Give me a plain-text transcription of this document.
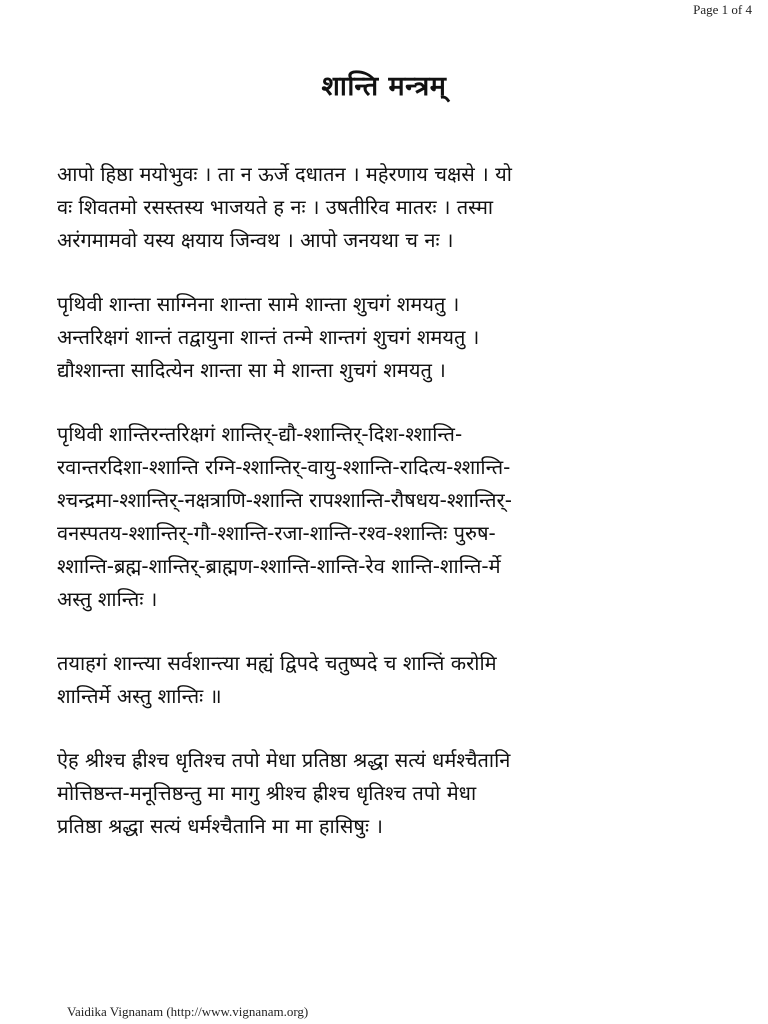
Page 1 of 4
शान्ति मन्त्रम्
आपो हिष्ठा मयोभुवः । ता न ऊर्जे दधातन । महेरणाय चक्षसे । यो
वः शिवतमो रसस्तस्य भाजयते ह नः । उषतीरिव मातरः । तस्मा
अरंगमामवो यस्य क्षयाय जिन्वथ । आपो जनयथा च नः ।
पृथिवी शान्ता साग्निना शान्ता सामे शान्ता शुचगं शमयतु ।
अन्तरिक्षगं शान्तं तद्वायुना शान्तं तन्मे शान्तगं शुचगं शमयतु ।
द्यौश्शान्ता सादित्येन शान्ता सा मे शान्ता शुचगं शमयतु ।
पृथिवी शान्तिरन्तरिक्षगं शान्तिर्-द्यौ-श्शान्तिर्-दिश-श्शान्ति-
रवान्तरदिशा-श्शान्ति रग्नि-श्शान्तिर्-वायु-श्शान्ति-रादित्य-श्शान्ति-
श्चन्द्रमा-श्शान्तिर्-नक्षत्राणि-श्शान्ति रापश्शान्ति-रौषधय-श्शान्तिर्-
वनस्पतय-श्शान्तिर्-गौ-श्शान्ति-रजा-शान्ति-रश्व-श्शान्तिः पुरुष-
श्शान्ति-ब्रह्म-शान्तिर्-ब्राह्मण-श्शान्ति-शान्ति-रेव शान्ति-शान्ति-र्मे
अस्तु शान्तिः ।
तयाहगं शान्त्या सर्वशान्त्या मह्यं द्विपदे चतुष्पदे च शान्तिं करोमि
शान्तिर्मे अस्तु शान्तिः ॥
ऐह श्रीश्च ह्रीश्च धृतिश्च तपो मेधा प्रतिष्ठा श्रद्धा सत्यं धर्मश्चैतानि
मोत्तिष्ठन्त-मनूत्तिष्ठन्तु मा मागु श्रीश्च ह्रीश्च धृतिश्च तपो मेधा
प्रतिष्ठा श्रद्धा सत्यं धर्मश्चैतानि मा मा हासिषुः ।
Vaidika Vignanam (http://www.vignanam.org)
